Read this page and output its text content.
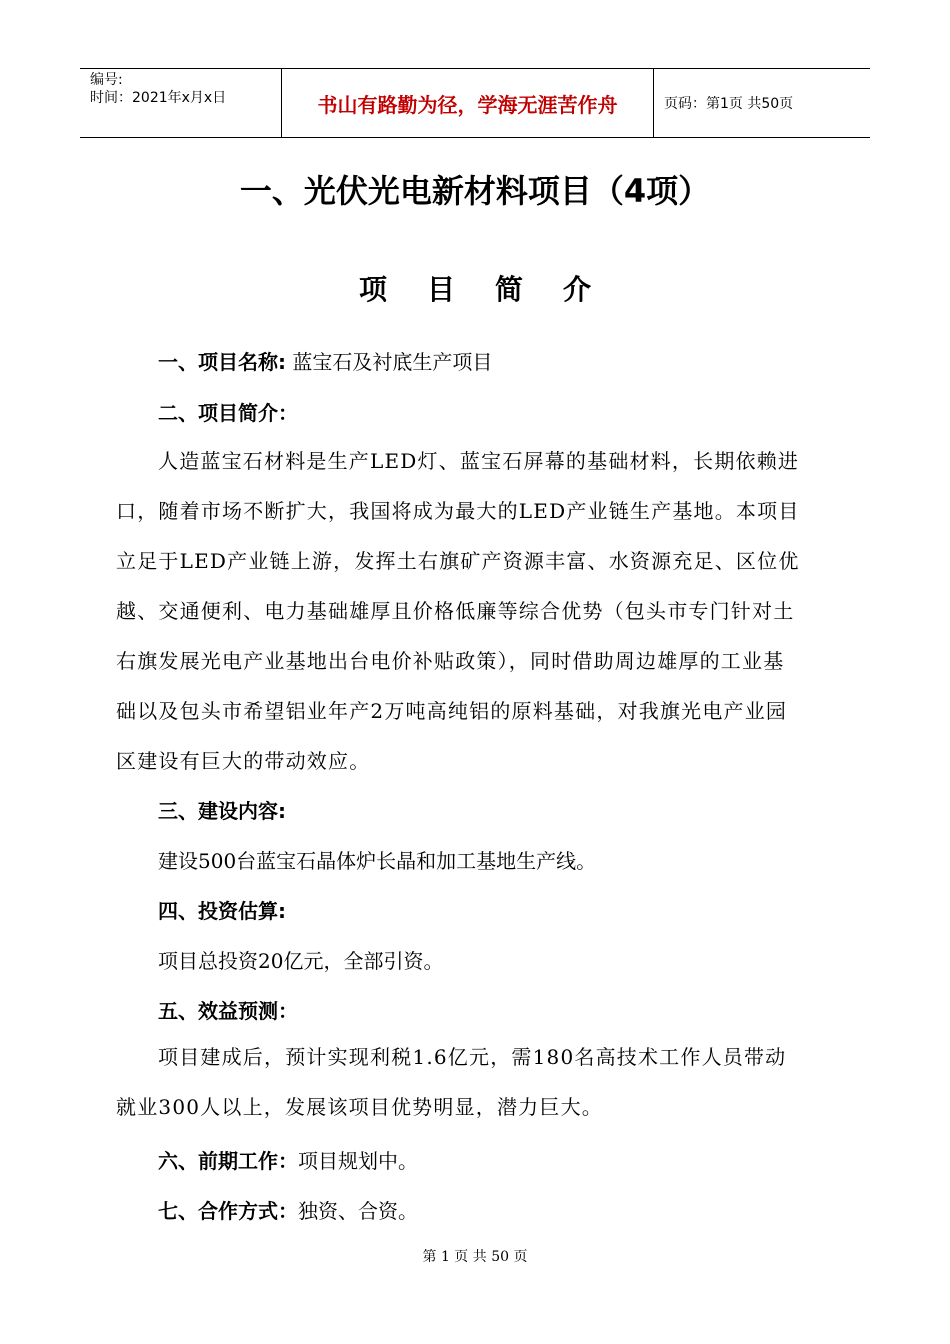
编号:
时间：2021年x月x日	书山有路勤为径，学海无涯苦作舟	页码：第1页 共50页
一、光伏光电新材料项目（4项）
项目简介
一、项目名称: 蓝宝石及衬底生产项目
二、项目简介：
人造蓝宝石材料是生产LED灯、蓝宝石屏幕的基础材料，长期依赖进
口，随着市场不断扩大，我国将成为最大的LED产业链生产基地。本项目
立足于LED产业链上游，发挥土右旗矿产资源丰富、水资源充足、区位优
越、交通便利、电力基础雄厚且价格低廉等综合优势（包头市专门针对土
右旗发展光电产业基地出台电价补贴政策），同时借助周边雄厚的工业基
础以及包头市希望铝业年产2万吨高纯铝的原料基础，对我旗光电产业园
区建设有巨大的带动效应。
三、建设内容:
建设500台蓝宝石晶体炉长晶和加工基地生产线。
四、投资估算:
项目总投资20亿元，全部引资。
五、效益预测：
项目建成后，预计实现利税1.6亿元，需180名高技术工作人员带动
就业300人以上，发展该项目优势明显，潜力巨大。
六、前期工作：项目规划中。
七、合作方式：独资、合资。
第 1 页 共 50 页
